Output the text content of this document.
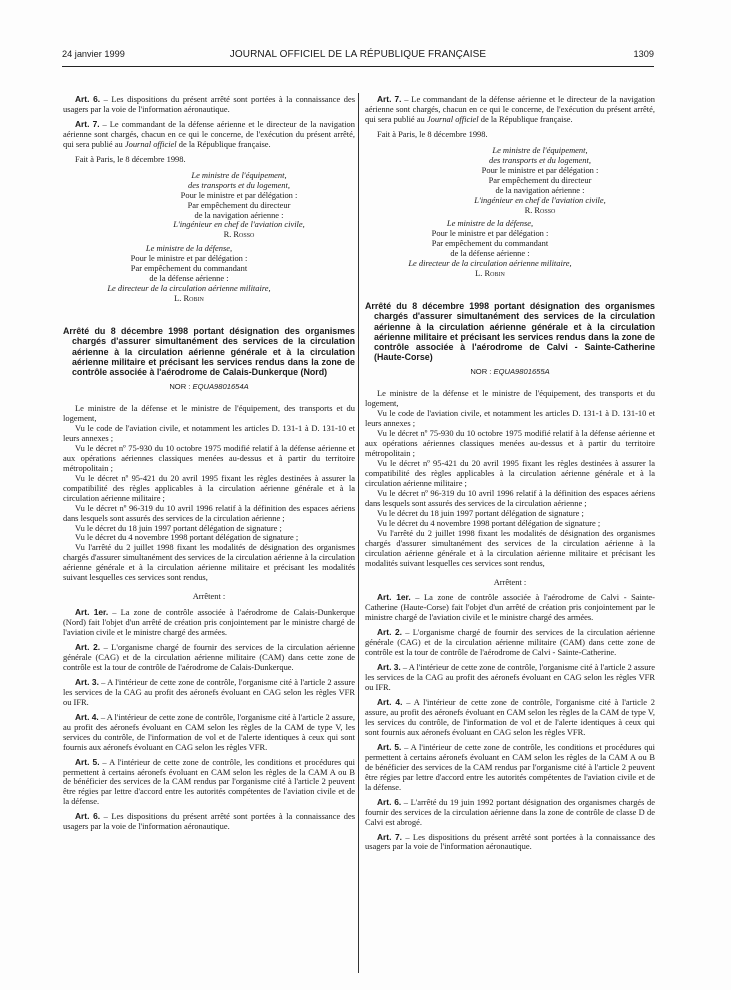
24 janvier 1999	JOURNAL OFFICIEL DE LA RÉPUBLIQUE FRANÇAISE	1309

Art. 6. – Les dispositions du présent arrêté sont portées à la connaissance des usagers par la voie de l'information aéronautique.

Art. 7. – Le commandant de la défense aérienne et le directeur de la navigation aérienne sont chargés, chacun en ce qui le concerne, de l'exécution du présent arrêté, qui sera publié au Journal officiel de la République française.

Fait à Paris, le 8 décembre 1998.

Le ministre de l'équipement,
des transports et du logement,
Pour le ministre et par délégation :
Par empêchement du directeur
de la navigation aérienne :
L'ingénieur en chef de l'aviation civile,
R. Rosso
Le ministre de la défense,
Pour le ministre et par délégation :
Par empêchement du commandant
de la défense aérienne :
Le directeur de la circulation aérienne militaire,
L. Robin
Arrêté du 8 décembre 1998 portant désignation des organismes chargés d'assurer simultanément des services de la circulation aérienne à la circulation aérienne générale et à la circulation aérienne militaire et précisant les services rendus dans la zone de contrôle associée à l'aérodrome de Calais-Dunkerque (Nord)
NOR : EQUA9801654A

Le ministre de la défense et le ministre de l'équipement, des transports et du logement,

Vu le code de l'aviation civile, et notamment les articles D. 131-1 à D. 131-10 et leurs annexes ;

Vu le décret nº 75-930 du 10 octobre 1975 modifié relatif à la défense aérienne et aux opérations aériennes classiques menées au-dessus et à partir du territoire métropolitain ;

Vu le décret nº 95-421 du 20 avril 1995 fixant les règles destinées à assurer la compatibilité des règles applicables à la circulation aérienne générale et à la circulation aérienne militaire ;

Vu le décret nº 96-319 du 10 avril 1996 relatif à la définition des espaces aériens dans lesquels sont assurés des services de la circulation aérienne ;

Vu le décret du 18 juin 1997 portant délégation de signature ;

Vu le décret du 4 novembre 1998 portant délégation de signature ;

Vu l'arrêté du 2 juillet 1998 fixant les modalités de désignation des organismes chargés d'assurer simultanément des services de la circulation aérienne à la circulation aérienne générale et à la circulation aérienne militaire et précisant les modalités suivant lesquelles ces services sont rendus,

Arrêtent :

Art. 1er. – La zone de contrôle associée à l'aérodrome de Calais-Dunkerque (Nord) fait l'objet d'un arrêté de création pris conjointement par le ministre chargé de l'aviation civile et le ministre chargé des armées.

Art. 2. – L'organisme chargé de fournir des services de la circulation aérienne générale (CAG) et de la circulation aérienne militaire (CAM) dans cette zone de contrôle est la tour de contrôle de l'aérodrome de Calais-Dunkerque.

Art. 3. – A l'intérieur de cette zone de contrôle, l'organisme cité à l'article 2 assure les services de la CAG au profit des aéronefs évoluant en CAG selon les règles VFR ou IFR.

Art. 4. – A l'intérieur de cette zone de contrôle, l'organisme cité à l'article 2 assure, au profit des aéronefs évoluant en CAM selon les règles de la CAM de type V, les services du contrôle, de l'information de vol et de l'alerte identiques à ceux qui sont fournis aux aéronefs évoluant en CAG selon les règles VFR.

Art. 5. – A l'intérieur de cette zone de contrôle, les conditions et procédures qui permettent à certains aéronefs évoluant en CAM selon les règles de la CAM A ou B de bénéficier des services de la CAM rendus par l'organisme cité à l'article 2 peuvent être régies par lettre d'accord entre les autorités compétentes de l'aviation civile et de la défense.

Art. 6. – Les dispositions du présent arrêté sont portées à la connaissance des usagers par la voie de l'information aéronautique.

Art. 7. – Le commandant de la défense aérienne et le directeur de la navigation aérienne sont chargés, chacun en ce qui le concerne, de l'exécution du présent arrêté, qui sera publié au Journal officiel de la République française.

Fait à Paris, le 8 décembre 1998.

Le ministre de l'équipement,
des transports et du logement,
Pour le ministre et par délégation :
Par empêchement du directeur
de la navigation aérienne :
L'ingénieur en chef de l'aviation civile,
R. Rosso
Le ministre de la défense,
Pour le ministre et par délégation :
Par empêchement du commandant
de la défense aérienne :
Le directeur de la circulation aérienne militaire,
L. Robin
Arrêté du 8 décembre 1998 portant désignation des organismes chargés d'assurer simultanément des services de la circulation aérienne à la circulation aérienne générale et à la circulation aérienne militaire et précisant les services rendus dans la zone de contrôle associée à l'aérodrome de Calvi - Sainte-Catherine (Haute-Corse)
NOR : EQUA9801655A

Le ministre de la défense et le ministre de l'équipement, des transports et du logement,

Vu le code de l'aviation civile, et notamment les articles D. 131-1 à D. 131-10 et leurs annexes ;

Vu le décret nº 75-930 du 10 octobre 1975 modifié relatif à la défense aérienne et aux opérations aériennes classiques menées au-dessus et à partir du territoire métropolitain ;

Vu le décret nº 95-421 du 20 avril 1995 fixant les règles destinées à assurer la compatibilité des règles applicables à la circulation aérienne générale et à la circulation aérienne militaire ;

Vu le décret nº 96-319 du 10 avril 1996 relatif à la définition des espaces aériens dans lesquels sont assurés des services de la circulation aérienne ;

Vu le décret du 18 juin 1997 portant délégation de signature ;

Vu le décret du 4 novembre 1998 portant délégation de signature ;

Vu l'arrêté du 2 juillet 1998 fixant les modalités de désignation des organismes chargés d'assurer simultanément des services de la circulation aérienne à la circulation aérienne générale et à la circulation aérienne militaire et précisant les modalités suivant lesquelles ces services sont rendus,

Arrêtent :

Art. 1er. – La zone de contrôle associée à l'aérodrome de Calvi - Sainte-Catherine (Haute-Corse) fait l'objet d'un arrêté de création pris conjointement par le ministre chargé de l'aviation civile et le ministre chargé des armées.

Art. 2. – L'organisme chargé de fournir des services de la circulation aérienne générale (CAG) et de la circulation aérienne militaire (CAM) dans cette zone de contrôle est la tour de contrôle de l'aérodrome de Calvi - Sainte-Catherine.

Art. 3. – A l'intérieur de cette zone de contrôle, l'organisme cité à l'article 2 assure les services de la CAG au profit des aéronefs évoluant en CAG selon les règles VFR ou IFR.

Art. 4. – A l'intérieur de cette zone de contrôle, l'organisme cité à l'article 2 assure, au profit des aéronefs évoluant en CAM selon les règles de la CAM de type V, les services du contrôle, de l'information de vol et de l'alerte identiques à ceux qui sont fournis aux aéronefs évoluant en CAG selon les règles VFR.

Art. 5. – A l'intérieur de cette zone de contrôle, les conditions et procédures qui permettent à certains aéronefs évoluant en CAM selon les règles de la CAM A ou B de bénéficier des services de la CAM rendus par l'organisme cité à l'article 2 peuvent être régies par lettre d'accord entre les autorités compétentes de l'aviation civile et de la défense.

Art. 6. – L'arrêté du 19 juin 1992 portant désignation des organismes chargés de fournir des services de la circulation aérienne dans la zone de contrôle de classe D de Calvi est abrogé.

Art. 7. – Les dispositions du présent arrêté sont portées à la connaissance des usagers par la voie de l'information aéronautique.
